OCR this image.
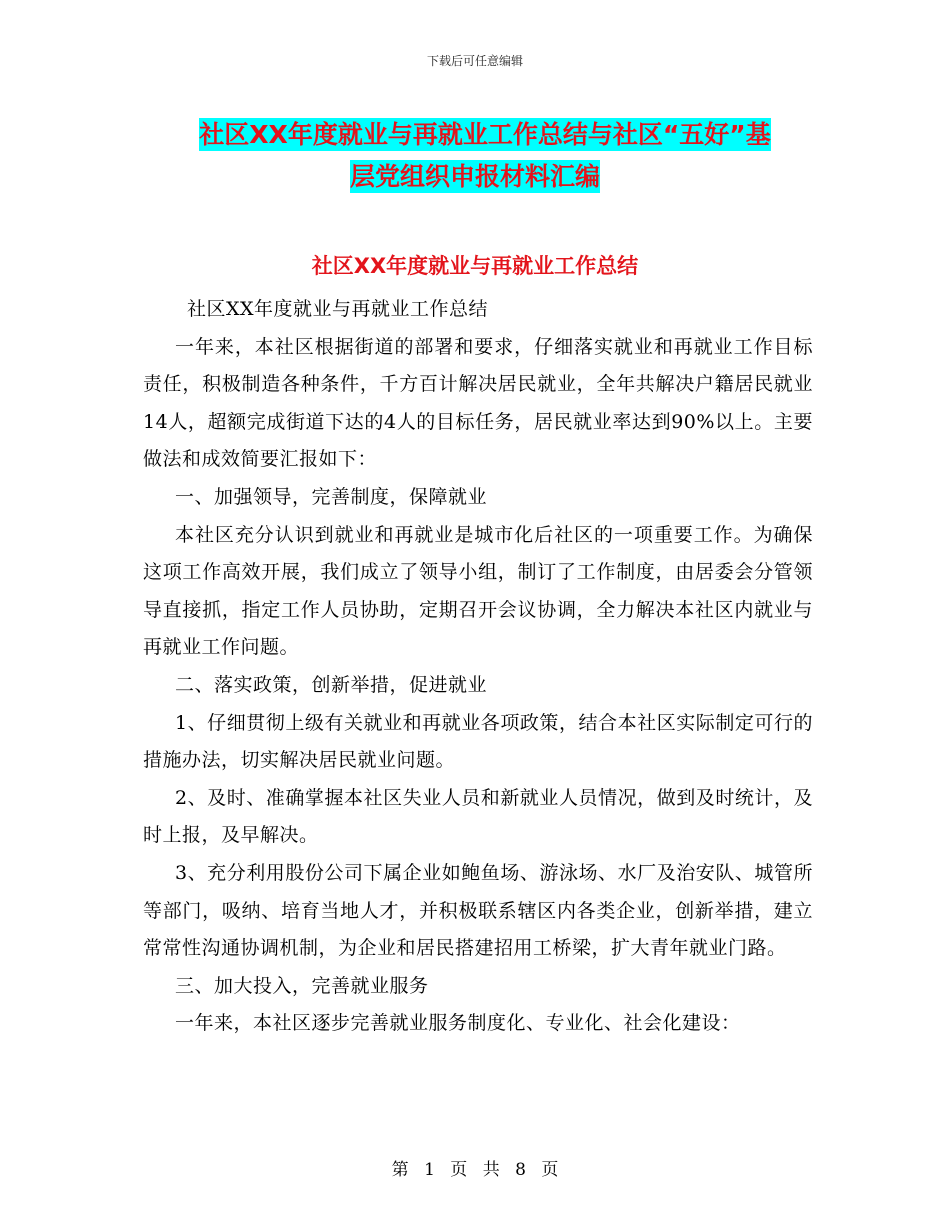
下载后可任意编辑
社区XX年度就业与再就业工作总结与社区“五好”基
层党组织申报材料汇编
社区XX年度就业与再就业工作总结

社区XX年度就业与再就业工作总结

一年来，本社区根据街道的部署和要求，仔细落实就业和再就业工作目标责任，积极制造各种条件，千方百计解决居民就业，全年共解决户籍居民就业14人，超额完成街道下达的4人的目标任务，居民就业率达到90%以上。主要做法和成效简要汇报如下：

一、加强领导，完善制度，保障就业

本社区充分认识到就业和再就业是城市化后社区的一项重要工作。为确保这项工作高效开展，我们成立了领导小组，制订了工作制度，由居委会分管领导直接抓，指定工作人员协助，定期召开会议协调，全力解决本社区内就业与再就业工作问题。

二、落实政策，创新举措，促进就业

1、仔细贯彻上级有关就业和再就业各项政策，结合本社区实际制定可行的措施办法，切实解决居民就业问题。

2、及时、准确掌握本社区失业人员和新就业人员情况，做到及时统计，及时上报，及早解决。

3、充分利用股份公司下属企业如鲍鱼场、游泳场、水厂及治安队、城管所等部门，吸纳、培育当地人才，并积极联系辖区内各类企业，创新举措，建立常常性沟通协调机制，为企业和居民搭建招用工桥梁，扩大青年就业门路。

三、加大投入，完善就业服务

一年来，本社区逐步完善就业服务制度化、专业化、社会化建设：

第 1 页 共 8 页
